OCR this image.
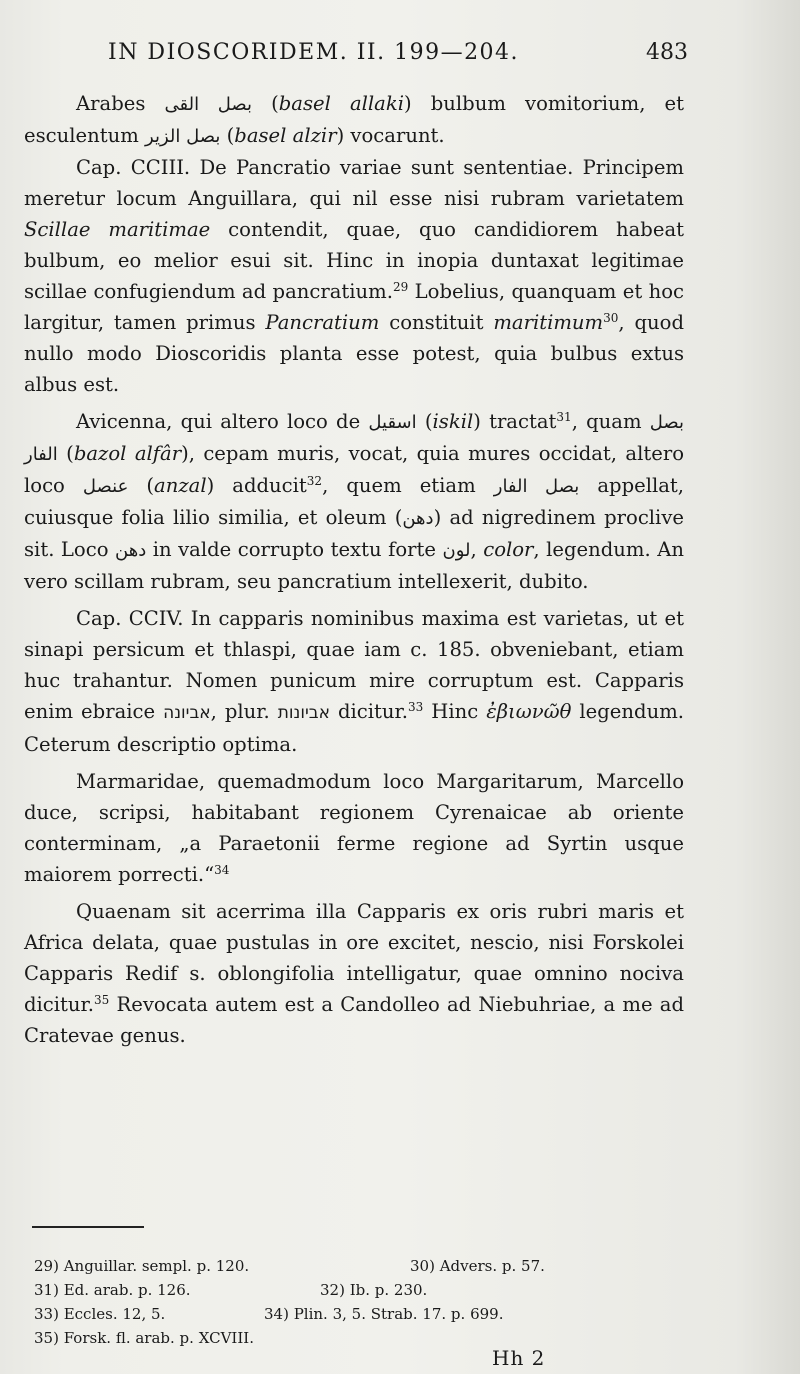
IN DIOSCORIDEM. II. 199—204.	483

Arabes بصل القى (basel allaki) bulbum vomitorium, et esculentum بصل الزير (basel alzir) vocarunt.

Cap. CCIII. De Pancratio variae sunt sententiae. Principem meretur locum Anguillara, qui nil esse nisi rubram varietatem Scillae maritimae contendit, quae, quo candidiorem habeat bulbum, eo melior esui sit. Hinc in inopia duntaxat legitimae scillae confugiendum ad pancratium.$^{29}$ Lobelius, quanquam et hoc largitur, tamen primus Pancratium constituit maritimum$^{30}$, quod nullo modo Dioscoridis planta esse potest, quia bulbus extus albus est.

Avicenna, qui altero loco de اسقيل (iskil) tractat$^{31}$, quam بصل الفار (bazol alfâr), cepam muris, vocat, quia mures occidat, altero loco عنصل (anzal) adducit$^{32}$, quem etiam بصل الفار appellat, cuiusque folia lilio similia, et oleum (دهن) ad nigredinem proclive sit. Loco دهن in valde corrupto textu forte لون, color, legendum. An vero scillam rubram, seu pancratium intellexerit, dubito.

Cap. CCIV. In capparis nominibus maxima est varietas, ut et sinapi persicum et thlaspi, quae iam c. 185. obveniebant, etiam huc trahantur. Nomen punicum mire corruptum est. Capparis enim ebraice אביונה, plur. אביונות dicitur.$^{33}$ Hinc ἐβιωνῶθ legendum. Ceterum descriptio optima.

Marmaridae, quemadmodum loco Margaritarum, Marcello duce, scripsi, habitabant regionem Cyrenaicae ab oriente conterminam, „a Paraetonii ferme regione ad Syrtin usque maiorem porrecti.“$^{34}$

Quaenam sit acerrima illa Capparis ex oris rubri maris et Africa delata, quae pustulas in ore excitet, nescio, nisi Forskolei Capparis Redif s. oblongifolia intelligatur, quae omnino nociva dicitur.$^{35}$ Revocata autem est a Candolleo ad Niebuhriae, a me ad Cratevae genus.

29) Anguillar. sempl. p. 120.	30) Advers. p. 57.
31) Ed. arab. p. 126.	32) Ib. p. 230.
33) Eccles. 12, 5.	34) Plin. 3, 5. Strab. 17. p. 699.
35) Forsk. fl. arab. p. XCVIII.
Hh 2
